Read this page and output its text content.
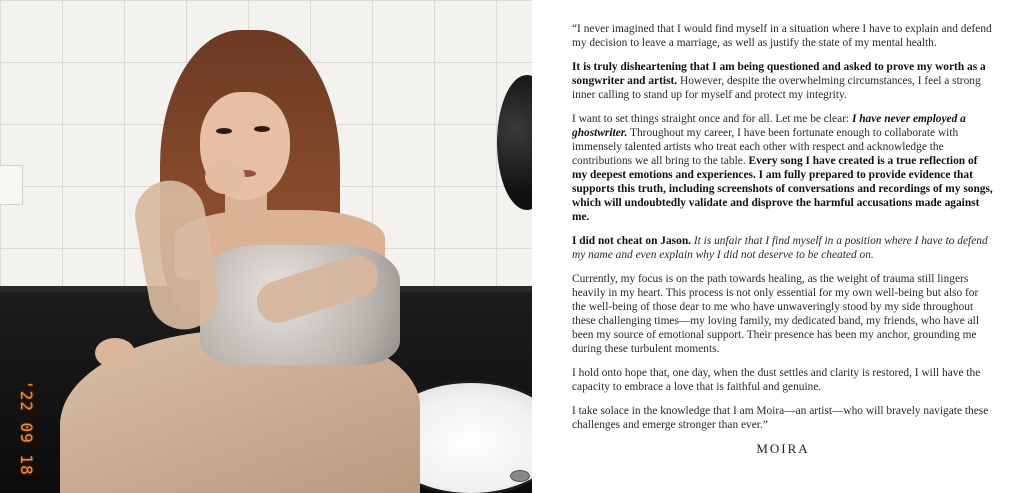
'22 09 18

“I never imagined that I would find myself in a situation where I have to explain and defend my decision to leave a marriage, as well as justify the state of my mental health.

It is truly disheartening that I am being questioned and asked to prove my worth as a songwriter and artist. However, despite the overwhelming circumstances, I feel a strong inner calling to stand up for myself and protect my integrity.

I want to set things straight once and for all. Let me be clear: I have never employed a ghostwriter. Throughout my career, I have been fortunate enough to collaborate with immensely talented artists who treat each other with respect and acknowledge the contributions we all bring to the table. Every song I have created is a true reflection of my deepest emotions and experiences. I am fully prepared to provide evidence that supports this truth, including screenshots of conversations and recordings of my songs, which will undoubtedly validate and disprove the harmful accusations made against me.

I did not cheat on Jason. It is unfair that I find myself in a position where I have to defend my name and even explain why I did not deserve to be cheated on.

Currently, my focus is on the path towards healing, as the weight of trauma still lingers heavily in my heart. This process is not only essential for my own well-being but also for the well-being of those dear to me who have unwaveringly stood by my side throughout these challenging times—my loving family, my dedicated band, my friends, who have all been my source of emotional support. Their presence has been my anchor, grounding me during these turbulent moments.

I hold onto hope that, one day, when the dust settles and clarity is restored, I will have the capacity to embrace a love that is faithful and genuine.

I take solace in the knowledge that I am Moira—an artist—who will bravely navigate these challenges and emerge stronger than ever.”

MOIRA
